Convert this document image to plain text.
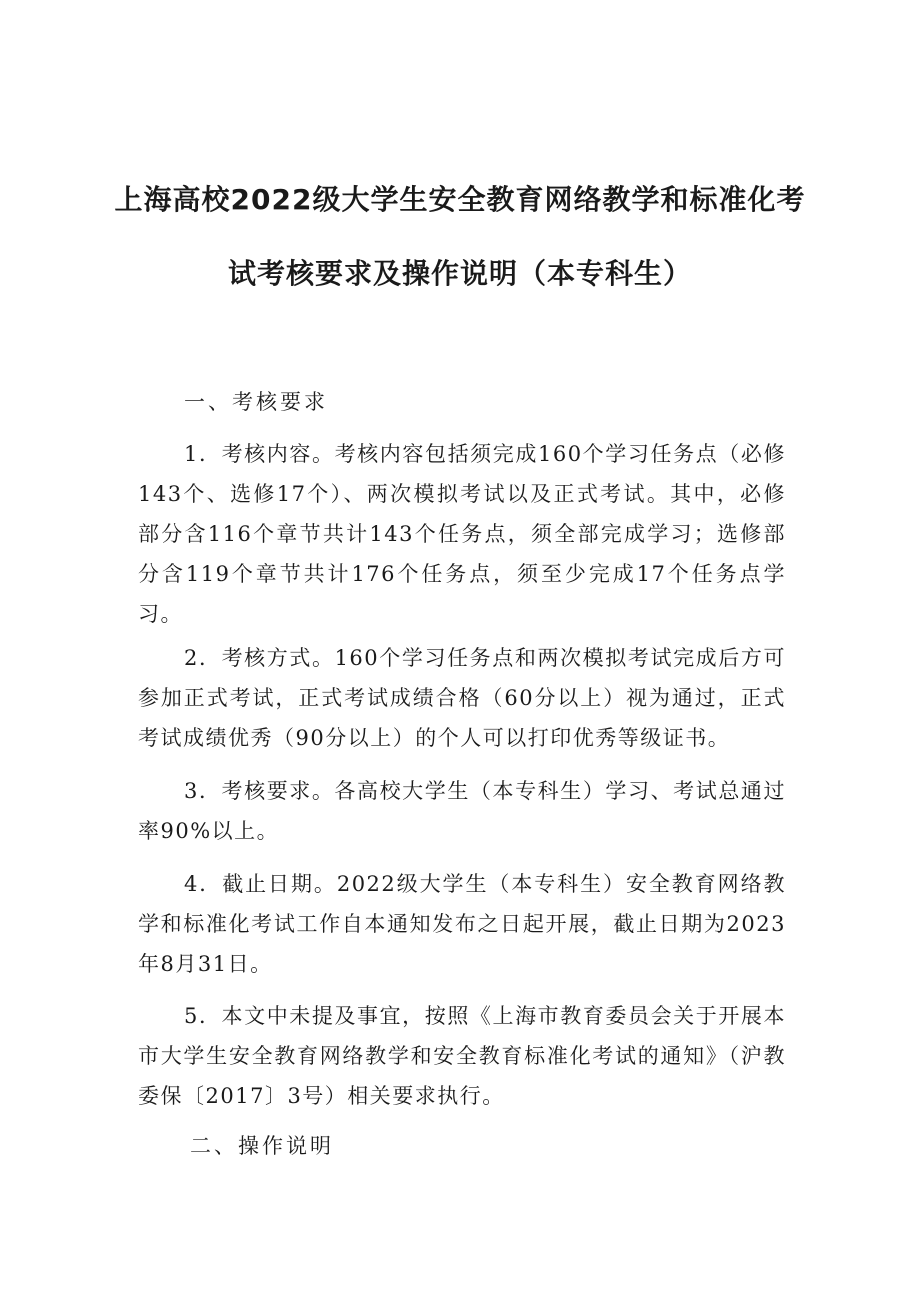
上海高校2022级大学生安全教育网络教学和标准化考
试考核要求及操作说明（本专科生）
一、考核要求

1．考核内容。考核内容包括须完成160个学习任务点（必修143个、选修17个）、两次模拟考试以及正式考试。其中，必修部分含116个章节共计143个任务点，须全部完成学习；选修部分含119个章节共计176个任务点，须至少完成17个任务点学习。

2．考核方式。160个学习任务点和两次模拟考试完成后方可参加正式考试，正式考试成绩合格（60分以上）视为通过，正式考试成绩优秀（90分以上）的个人可以打印优秀等级证书。

3．考核要求。各高校大学生（本专科生）学习、考试总通过率90%以上。

4．截止日期。2022级大学生（本专科生）安全教育网络教学和标准化考试工作自本通知发布之日起开展，截止日期为2023年8月31日。

5．本文中未提及事宜，按照《上海市教育委员会关于开展本市大学生安全教育网络教学和安全教育标准化考试的通知》（沪教委保〔2017〕3号）相关要求执行。

二、操作说明
